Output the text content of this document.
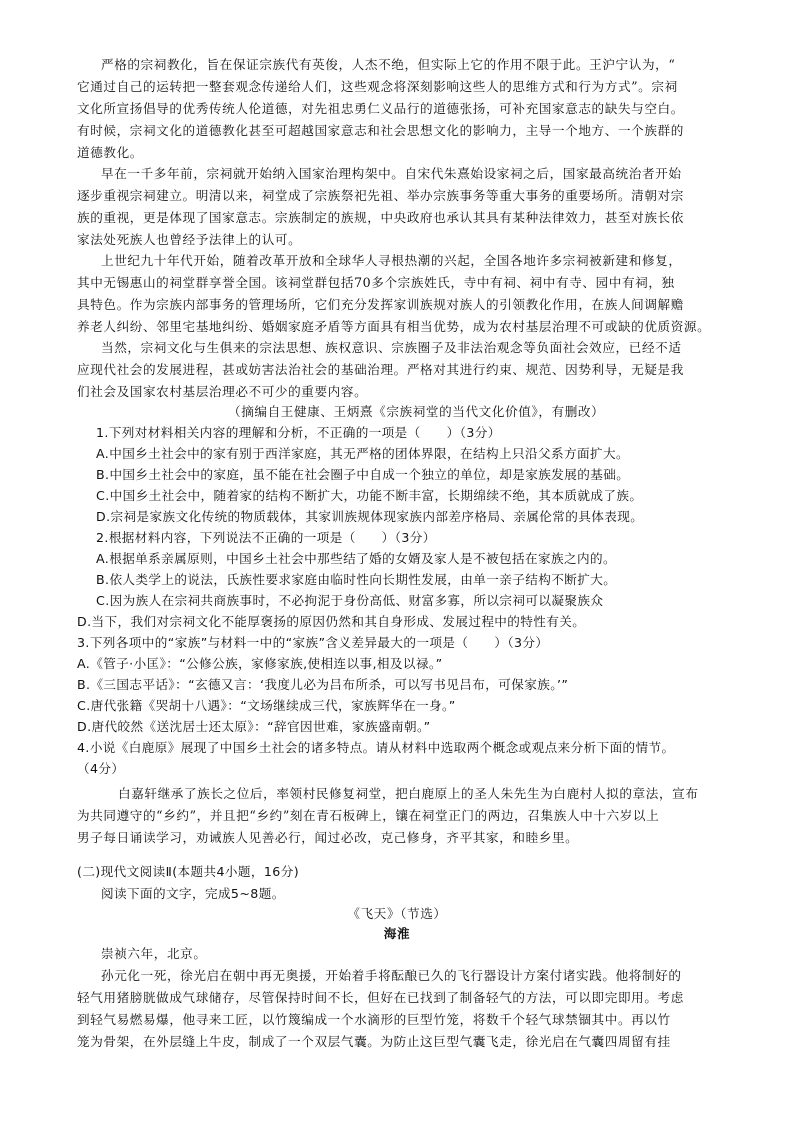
严格的宗祠教化，旨在保证宗族代有英俊，人杰不绝，但实际上它的作用不限于此。王沪宁认为，“
它通过自己的运转把一整套观念传递给人们，这些观念将深刻影响这些人的思维方式和行为方式”。宗祠
文化所宣扬倡导的优秀传统人伦道德，对先祖忠勇仁义品行的道德张扬，可补充国家意志的缺失与空白。
有时候，宗祠文化的道德教化甚至可超越国家意志和社会思想文化的影响力，主导一个地方、一个族群的
道德教化。
早在一千多年前，宗祠就开始纳入国家治理构架中。自宋代朱熹始设家祠之后，国家最高统治者开始
逐步重视宗祠建立。明清以来，祠堂成了宗族祭祀先祖、举办宗族事务等重大事务的重要场所。清朝对宗
族的重视，更是体现了国家意志。宗族制定的族规，中央政府也承认其具有某种法律效力，甚至对族长依
家法处死族人也曾经予法律上的认可。
上世纪九十年代开始，随着改革开放和全球华人寻根热潮的兴起，全国各地许多宗祠被新建和修复，
其中无锡惠山的祠堂群享誉全国。该祠堂群包括70多个宗族姓氏，寺中有祠、祠中有寺、园中有祠，独
具特色。作为宗族内部事务的管理场所，它们充分发挥家训族规对族人的引领教化作用，在族人间调解赡
养老人纠纷、邻里宅基地纠纷、婚姻家庭矛盾等方面具有相当优势，成为农村基层治理不可或缺的优质资源。
当然，宗祠文化与生俱来的宗法思想、族权意识、宗族圈子及非法治观念等负面社会效应，已经不适
应现代社会的发展进程，甚或妨害法治社会的基础治理。严格对其进行约束、规范、因势利导，无疑是我
们社会及国家农村基层治理必不可少的重要内容。
（摘编自王健康、王炳熹《宗族祠堂的当代文化价值》，有删改）
1.下列对材料相关内容的理解和分析，不正确的一项是（　　）（3分）
A.中国乡土社会中的家有别于西洋家庭，其无严格的团体界限，在结构上只沿父系方面扩大。
B.中国乡土社会中的家庭，虽不能在社会圈子中自成一个独立的单位，却是家族发展的基础。
C.中国乡土社会中，随着家的结构不断扩大，功能不断丰富，长期绵续不绝，其本质就成了族。
D.宗祠是家族文化传统的物质载体，其家训族规体现家族内部差序格局、亲属伦常的具体表现。
2.根据材料内容，下列说法不正确的一项是（　　）（3分）
A.根据单系亲属原则，中国乡土社会中那些结了婚的女婿及家人是不被包括在家族之内的。
B.依人类学上的说法，氏族性要求家庭由临时性向长期性发展，由单一亲子结构不断扩大。
C.因为族人在宗祠共商族事时，不必拘泥于身份高低、财富多寡，所以宗祠可以凝聚族众
D.当下，我们对宗祠文化不能厚褒扬的原因仍然和其自身形成、发展过程中的特性有关。
3.下列各项中的“家族”与材料一中的“家族”含义差异最大的一项是（　　）（3分）
A.《管子·小匡》：“公修公族，家修家族,使相连以事,相及以禄。”
B.《三国志平话》：“玄德又言：‘我度儿必为吕布所杀，可以写书见吕布，可保家族。’”
C.唐代张籍《哭胡十八遇》：“文场继续成三代，家族辉华在一身。”
D.唐代皎然《送沈居士还太原》：“辞官因世难，家族盛南朝。”
4.小说《白鹿原》展现了中国乡土社会的诸多特点。请从材料中选取两个概念或观点来分析下面的情节。
（4分）
白嘉轩继承了族长之位后，率领村民修复祠堂，把白鹿原上的圣人朱先生为白鹿村人拟的章法，宣布
为共同遵守的“乡约”，并且把“乡约”刻在青石板碑上，镶在祠堂正门的两边，召集族人中十六岁以上
男子每日诵读学习，劝诫族人见善必行，闻过必改，克己修身，齐平其家，和睦乡里。
(二)现代文阅读Ⅱ(本题共4小题，16分)
阅读下面的文字，完成5~8题。
《飞天》（节选）
海淮
崇祯六年，北京。
孙元化一死，徐光启在朝中再无奥援，开始着手将酝酿已久的飞行器设计方案付诸实践。他将制好的
轻气用猪膀胱做成气球储存，尽管保持时间不长，但好在已找到了制备轻气的方法，可以即完即用。考虑
到轻气易燃易爆，他寻来工匠，以竹篾编成一个水滴形的巨型竹笼，将数千个轻气球禁锢其中。再以竹
笼为骨架，在外层缝上牛皮，制成了一个双层气囊。为防止这巨型气囊飞走，徐光启在气囊四周留有挂
